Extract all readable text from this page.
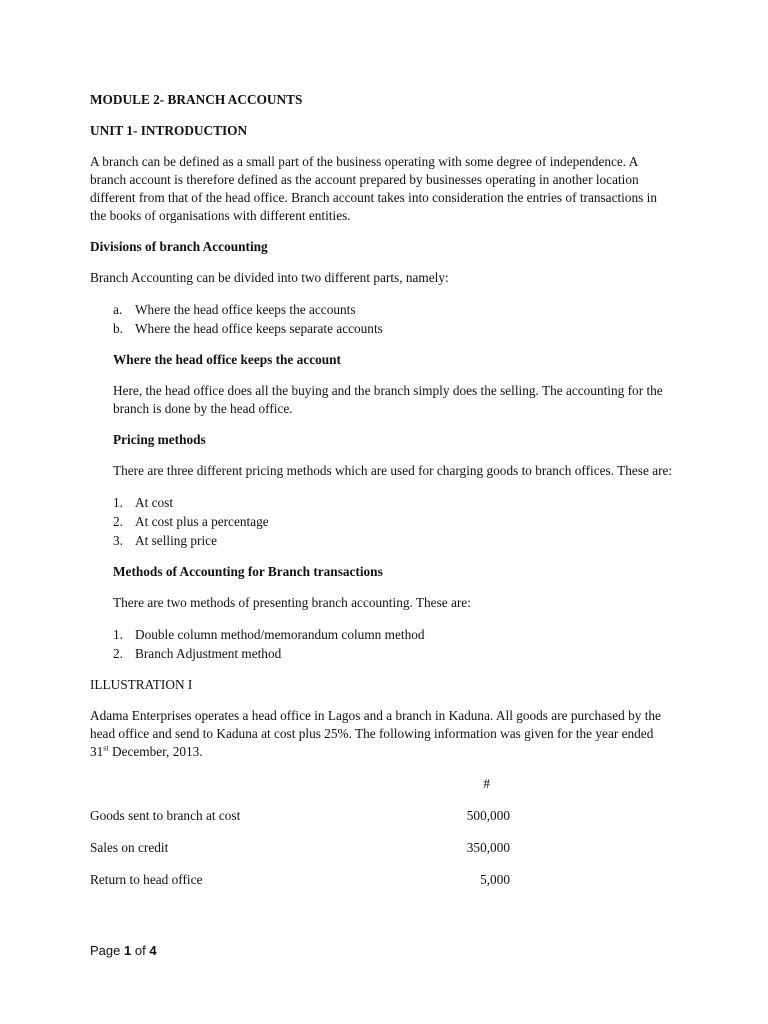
MODULE 2- BRANCH ACCOUNTS

UNIT 1- INTRODUCTION

A branch can be defined as a small part of the business operating with some degree of independence. A branch account is therefore defined as the account prepared by businesses operating in another location different from that of the head office. Branch account takes into consideration the entries of transactions in the books of organisations with different entities.

Divisions of branch Accounting

Branch Accounting can be divided into two different parts, namely:

a. Where the head office keeps the accounts
b. Where the head office keeps separate accounts

Where the head office keeps the account

Here, the head office does all the buying and the branch simply does the selling. The accounting for the branch is done by the head office.

Pricing methods

There are three different pricing methods which are used for charging goods to branch offices. These are:

1. At cost
2. At cost plus a percentage
3. At selling price

Methods of Accounting for Branch transactions

There are two methods of presenting branch accounting. These are:

1. Double column method/memorandum column method
2. Branch Adjustment method

ILLUSTRATION I

Adama Enterprises operates a head office in Lagos and a branch in Kaduna. All goods are purchased by the head office and send to Kaduna at cost plus 25%. The following information was given for the year ended 31st December, 2013.

#
Goods sent to branch at cost	500,000
Sales on credit	350,000
Return to head office	5,000
Page 1 of 4
